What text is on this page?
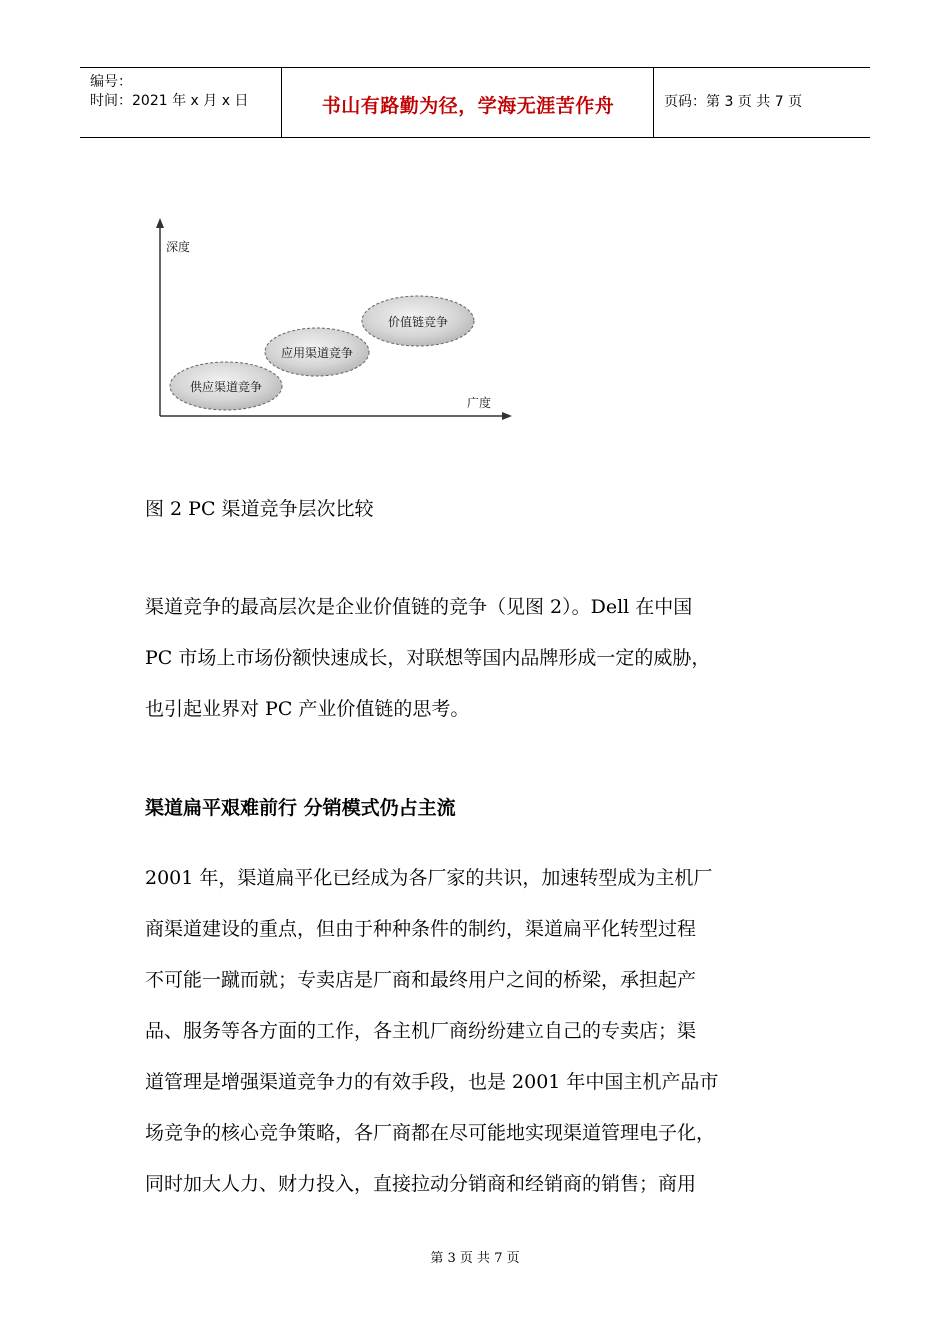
编号：
时间：2021 年 x 月 x 日	书山有路勤为径，学海无涯苦作舟	页码：第 3 页 共 7 页
深度
广度
供应渠道竞争
应用渠道竞争
价值链竞争
图 2 PC 渠道竞争层次比较
渠道竞争的最高层次是企业价值链的竞争（见图 2）。Dell 在中国
PC 市场上市场份额快速成长，对联想等国内品牌形成一定的威胁，
也引起业界对 PC 产业价值链的思考。
渠道扁平艰难前行 分销模式仍占主流
2001 年，渠道扁平化已经成为各厂家的共识，加速转型成为主机厂
商渠道建设的重点，但由于种种条件的制约，渠道扁平化转型过程
不可能一蹴而就；专卖店是厂商和最终用户之间的桥梁，承担起产
品、服务等各方面的工作，各主机厂商纷纷建立自己的专卖店；渠
道管理是增强渠道竞争力的有效手段，也是 2001 年中国主机产品市
场竞争的核心竞争策略，各厂商都在尽可能地实现渠道管理电子化，
同时加大人力、财力投入，直接拉动分销商和经销商的销售；商用
第 3 页 共 7 页
